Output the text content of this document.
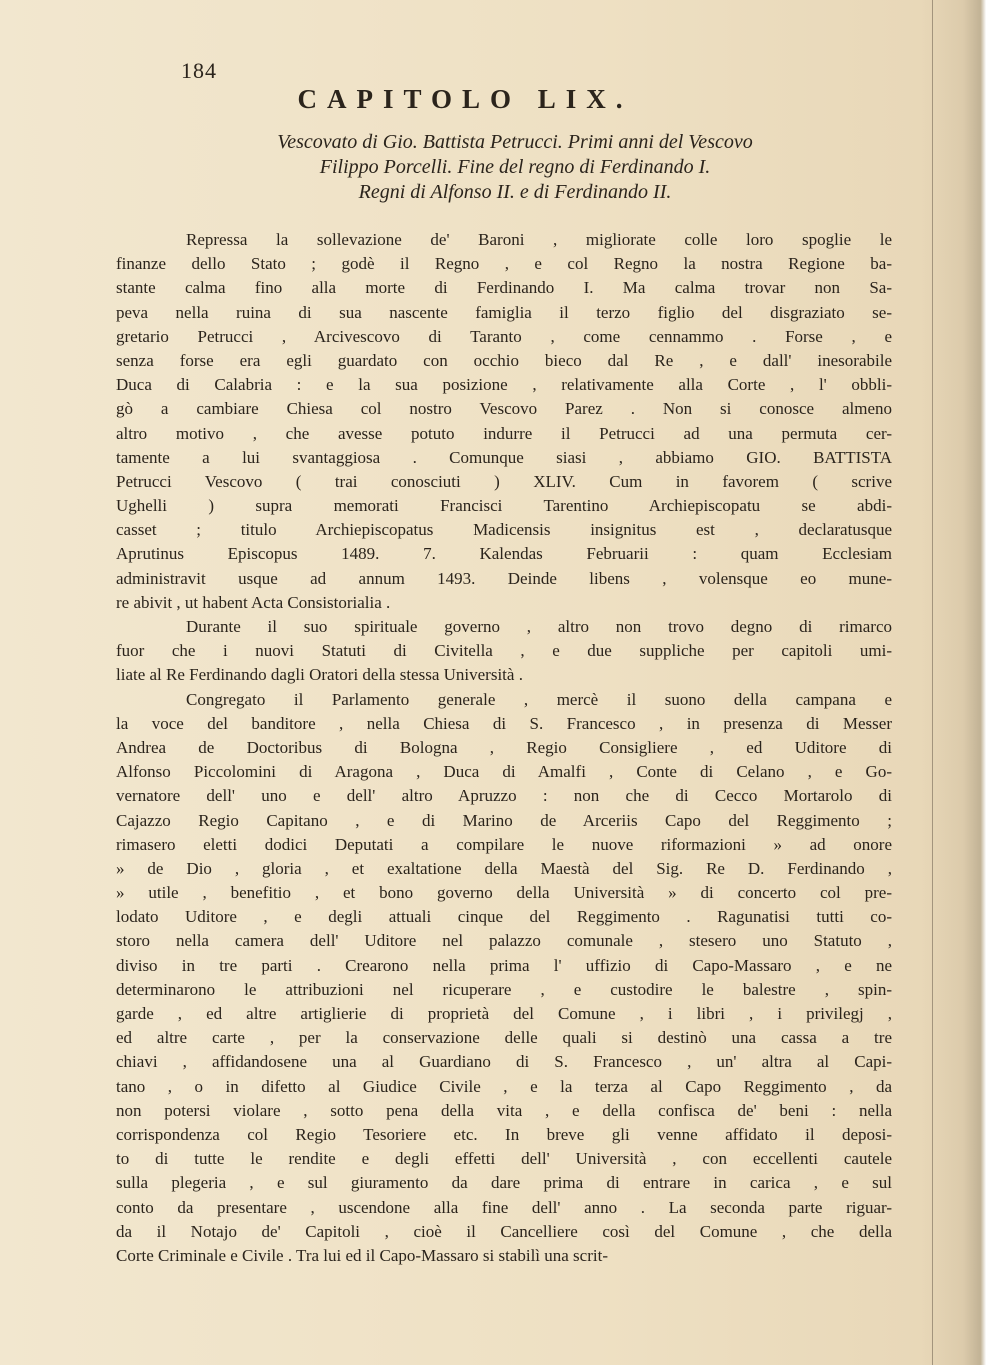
184
CAPITOLO LIX.
Vescovato di Gio. Battista Petrucci. Primi anni del Vescovo
Filippo Porcelli. Fine del regno di Ferdinando I.
Regni di Alfonso II. e di Ferdinando II.
Repressa la sollevazione de' Baroni , migliorate colle loro spoglie le
finanze dello Stato ; godè il Regno , e col Regno la nostra Regione ba-
stante calma fino alla morte di Ferdinando I. Ma calma trovar non Sa-
peva nella ruina di sua nascente famiglia il terzo figlio del disgraziato se-
gretario Petrucci , Arcivescovo di Taranto , come cennammo . Forse , e
senza forse era egli guardato con occhio bieco dal Re , e dall' inesorabile
Duca di Calabria : e la sua posizione , relativamente alla Corte , l' obbli-
gò a cambiare Chiesa col nostro Vescovo Parez . Non si conosce almeno
altro motivo , che avesse potuto indurre il Petrucci ad una permuta cer-
tamente a lui svantaggiosa . Comunque siasi , abbiamo GIO. BATTISTA
Petrucci Vescovo ( trai conosciuti ) XLIV. Cum in favorem ( scrive
Ughelli ) supra memorati Francisci Tarentino Archiepiscopatu se abdi-
casset ; titulo Archiepiscopatus Madicensis insignitus est , declaratusque
Aprutinus Episcopus 1489. 7. Kalendas Februarii : quam Ecclesiam
administravit usque ad annum 1493. Deinde libens , volensque eo mune-
re abivit , ut habent Acta Consistorialia .
Durante il suo spirituale governo , altro non trovo degno di rimarco
fuor che i nuovi Statuti di Civitella , e due suppliche per capitoli umi-
liate al Re Ferdinando dagli Oratori della stessa Università .
Congregato il Parlamento generale , mercè il suono della campana e
la voce del banditore , nella Chiesa di S. Francesco , in presenza di Messer
Andrea de Doctoribus di Bologna , Regio Consigliere , ed Uditore di
Alfonso Piccolomini di Aragona , Duca di Amalfi , Conte di Celano , e Go-
vernatore dell' uno e dell' altro Apruzzo : non che di Cecco Mortarolo di
Cajazzo Regio Capitano , e di Marino de Arceriis Capo del Reggimento ;
rimasero eletti dodici Deputati a compilare le nuove riformazioni » ad onore
» de Dio , gloria , et exaltatione della Maestà del Sig. Re D. Ferdinando ,
» utile , benefitio , et bono governo della Università » di concerto col pre-
lodato Uditore , e degli attuali cinque del Reggimento . Ragunatisi tutti co-
storo nella camera dell' Uditore nel palazzo comunale , stesero uno Statuto ,
diviso in tre parti . Crearono nella prima l' uffizio di Capo-Massaro , e ne
determinarono le attribuzioni nel ricuperare , e custodire le balestre , spin-
garde , ed altre artiglierie di proprietà del Comune , i libri , i privilegj ,
ed altre carte , per la conservazione delle quali si destinò una cassa a tre
chiavi , affidandosene una al Guardiano di S. Francesco , un' altra al Capi-
tano , o in difetto al Giudice Civile , e la terza al Capo Reggimento , da
non potersi violare , sotto pena della vita , e della confisca de' beni : nella
corrispondenza col Regio Tesoriere etc. In breve gli venne affidato il deposi-
to di tutte le rendite e degli effetti dell' Università , con eccellenti cautele
sulla plegeria , e sul giuramento da dare prima di entrare in carica , e sul
conto da presentare , uscendone alla fine dell' anno . La seconda parte riguar-
da il Notajo de' Capitoli , cioè il Cancelliere così del Comune , che della
Corte Criminale e Civile . Tra lui ed il Capo-Massaro si stabilì una scrit-
